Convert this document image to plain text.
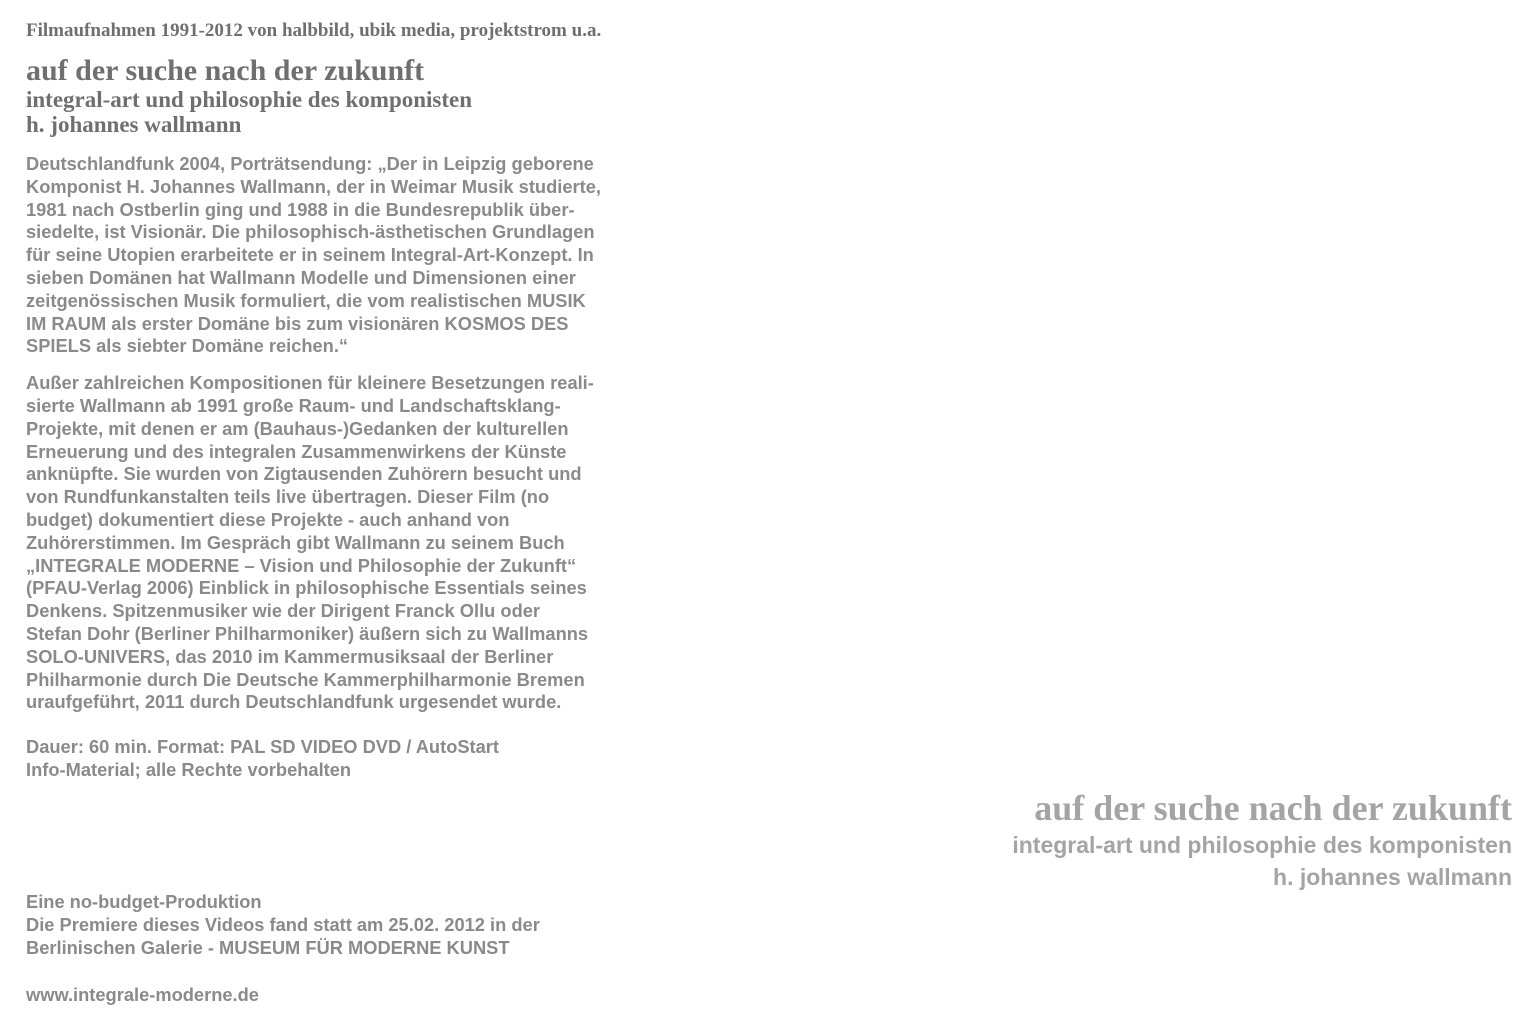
Filmaufnahmen 1991-2012 von halbbild, ubik media, projektstrom u.a.

auf der suche nach der zukunft

integral-art und philosophie des komponisten

h. johannes wallmann

Deutschlandfunk 2004, Porträtsendung: „Der in Leipzig geborene
Komponist H. Johannes Wallmann, der in Weimar Musik studierte,
1981 nach Ostberlin ging und 1988 in die Bundesrepublik über-
siedelte, ist Visionär. Die philosophisch-ästhetischen Grundlagen
für seine Utopien erarbeitete er in seinem Integral-Art-Konzept. In
sieben Domänen hat Wallmann Modelle und Dimensionen einer
zeitgenössischen Musik formuliert, die vom realistischen MUSIK
IM RAUM als erster Domäne bis zum visionären KOSMOS DES
SPIELS als siebter Domäne reichen.“

Außer zahlreichen Kompositionen für kleinere Besetzungen reali-
sierte Wallmann ab 1991 große Raum- und Landschaftsklang-
Projekte, mit denen er am (Bauhaus-)Gedanken der kulturellen
Erneuerung und des integralen Zusammenwirkens der Künste
anknüpfte. Sie wurden von Zigtausenden Zuhörern besucht und
von Rundfunkanstalten teils live übertragen. Dieser Film (no
budget) dokumentiert diese Projekte - auch anhand von
Zuhörerstimmen. Im Gespräch gibt Wallmann zu seinem Buch
„INTEGRALE MODERNE – Vision und Philosophie der Zukunft“
(PFAU-Verlag 2006) Einblick in philosophische Essentials seines
Denkens. Spitzenmusiker wie der Dirigent Franck Ollu oder
Stefan Dohr (Berliner Philharmoniker) äußern sich zu Wallmanns
SOLO-UNIVERS, das 2010 im Kammermusiksaal der Berliner
Philharmonie durch Die Deutsche Kammerphilharmonie Bremen
uraufgeführt, 2011 durch Deutschlandfunk urgesendet wurde.

Dauer: 60 min. Format: PAL SD VIDEO DVD / AutoStart

Info-Material; alle Rechte vorbehalten

Eine no-budget-Produktion

Die Premiere dieses Videos fand statt am 25.02. 2012 in der

Berlinischen Galerie - MUSEUM FÜR MODERNE KUNST

www.integrale-moderne.de

auf der suche nach der zukunft

integral-art und philosophie des komponisten

h. johannes wallmann
